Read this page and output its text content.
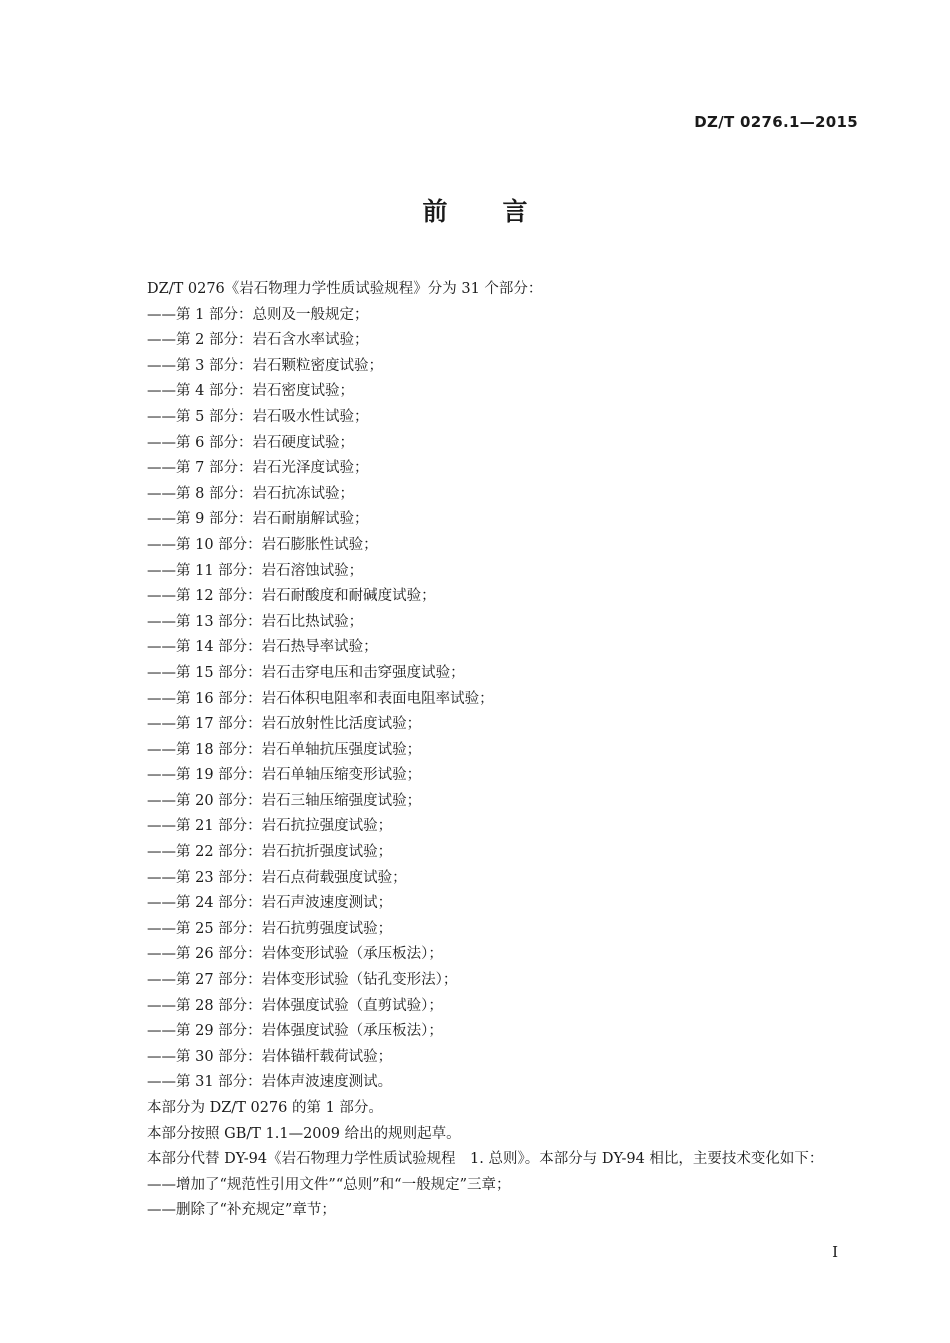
DZ/T 0276.1—2015
前言

DZ/T 0276《岩石物理力学性质试验规程》分为 31 个部分：

——第 1 部分：总则及一般规定；

——第 2 部分：岩石含水率试验；

——第 3 部分：岩石颗粒密度试验；

——第 4 部分：岩石密度试验；

——第 5 部分：岩石吸水性试验；

——第 6 部分：岩石硬度试验；

——第 7 部分：岩石光泽度试验；

——第 8 部分：岩石抗冻试验；

——第 9 部分：岩石耐崩解试验；

——第 10 部分：岩石膨胀性试验；

——第 11 部分：岩石溶蚀试验；

——第 12 部分：岩石耐酸度和耐碱度试验；

——第 13 部分：岩石比热试验；

——第 14 部分：岩石热导率试验；

——第 15 部分：岩石击穿电压和击穿强度试验；

——第 16 部分：岩石体积电阻率和表面电阻率试验；

——第 17 部分：岩石放射性比活度试验；

——第 18 部分：岩石单轴抗压强度试验；

——第 19 部分：岩石单轴压缩变形试验；

——第 20 部分：岩石三轴压缩强度试验；

——第 21 部分：岩石抗拉强度试验；

——第 22 部分：岩石抗折强度试验；

——第 23 部分：岩石点荷载强度试验；

——第 24 部分：岩石声波速度测试；

——第 25 部分：岩石抗剪强度试验；

——第 26 部分：岩体变形试验（承压板法）；

——第 27 部分：岩体变形试验（钻孔变形法）；

——第 28 部分：岩体强度试验（直剪试验）；

——第 29 部分：岩体强度试验（承压板法）；

——第 30 部分：岩体锚杆载荷试验；

——第 31 部分：岩体声波速度测试。

本部分为 DZ/T 0276 的第 1 部分。

本部分按照 GB/T 1.1—2009 给出的规则起草。

本部分代替 DY-94《岩石物理力学性质试验规程　1. 总则》。本部分与 DY-94 相比，主要技术变化如下：

——增加了“规范性引用文件”“总则”和“一般规定”三章；

——删除了“补充规定”章节；

I
